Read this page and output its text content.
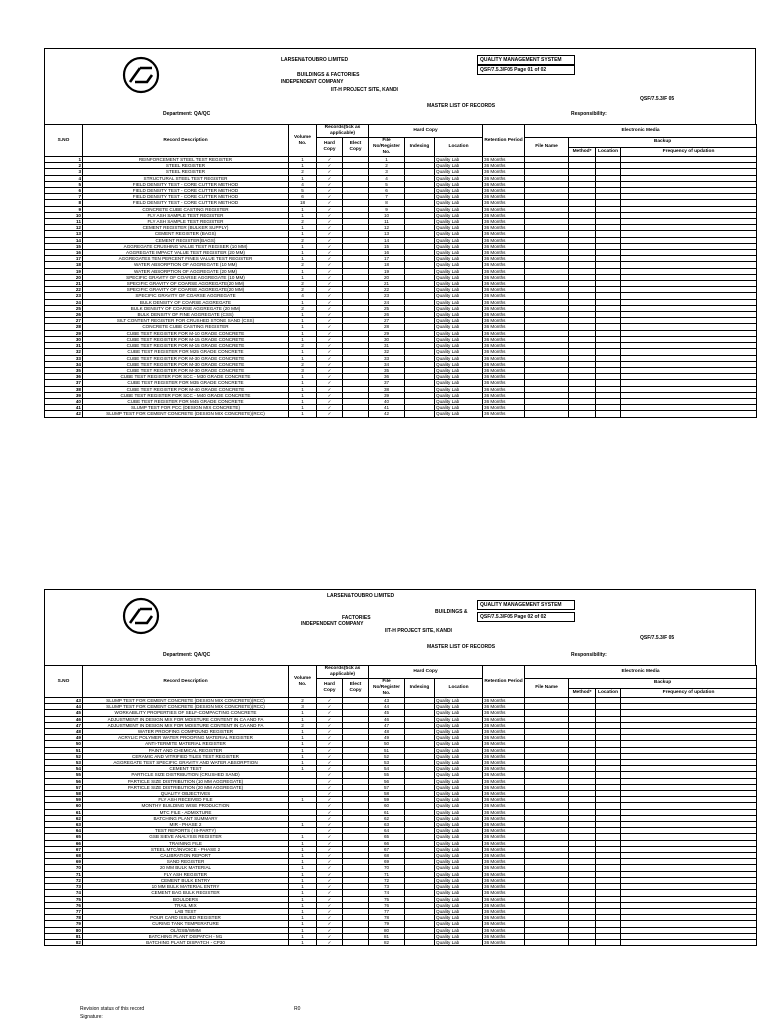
LARSEN&TOUBRO LIMITED
BUILDINGS & FACTORIES
INDEPENDENT COMPANY
IIT-H PROJECT SITE, KANDI
QUALITY MANAGEMENT SYSTEM
QSF/7.5.3/F05 Page 01 of 02
QSF/7.5.3/F 05
MASTER LIST OF RECORDS
Department: QA/QC	Responsibility:
S.NO	Record Description	Volume No.	Records(tick as applicable)		Hard Copy			Retention Period	Electronic Media			
			Hard Copy	Elect Copy	File No/Register No.	Indexing	Location		File Name	Backup		
										Method*	Location	Frequency of updation
1	REINFORCEMENT STEEL TEST REGISTER	1	✓		1		Quality Lab	36 Months				
2	STEEL REGISTER	1	✓		2		Quality Lab	36 Months				
3	STEEL REGISTER	2	✓		3		Quality Lab	36 Months				
4	STRUCTURAL STEEL TEST REGISTER	1	✓		4		Quality Lab	36 Months				
5	FIELD DENSITY TEST - CORE CUTTER METHOD	4	✓		5		Quality Lab	36 Months				
6	FIELD DENSITY TEST - CORE CUTTER METHOD	5	✓		6		Quality Lab	36 Months				
7	FIELD DENSITY TEST - CORE CUTTER METHOD	6	✓		7		Quality Lab	36 Months				
8	FIELD DENSITY TEST - CORE CUTTER METHOD	18	✓		8		Quality Lab	36 Months				
9	CONCRETE CUBE CASTING REGISTER	1	✓		9		Quality Lab	36 Months				
10	FLY ASH SAMPLE TEST REGISTER	1	✓		10		Quality Lab	36 Months				
11	FLY ASH SAMPLE TEST REGISTER	2	✓		11		Quality Lab	36 Months				
12	CEMENT REGISTER (BULKER SUPPLY)	1	✓		12		Quality Lab	36 Months				
13	CEMENT REGISTER (BAGS)	1	✓		13		Quality Lab	36 Months				
14	CEMENT REGISTER(BAGS)	2	✓		14		Quality Lab	36 Months				
15	AGGREGATE CRUSHING VALUE TEST REGISER (10 MM)	1	✓		15		Quality Lab	36 Months				
16	AGGREGATE IMPACT VALUE TEST REGISTER (20 MM)	1	✓		16		Quality Lab	36 Months				
17	AGGREGATES TEN PERCENT FINES VALUE TEST REGISTER	1	✓		17		Quality Lab	36 Months				
18	WATER ABSORPTION OF AGGREGATE (10 MM)	2	✓		18		Quality Lab	36 Months				
19	WATER ABSORPTION OF AGGREGATE (20 MM)	1	✓		19		Quality Lab	36 Months				
20	SPECIFIC GRAVITY OF COARSE AGGREGATE (10 MM)	1	✓		20		Quality Lab	36 Months				
21	SPECIFIC GRAVITY OF COARSE AGGREGATE(20 MM)	2	✓		21		Quality Lab	36 Months				
22	SPECIFIC GRAVITY OF COARSE AGGREGATE(20 MM)	2	✓		22		Quality Lab	36 Months				
23	SPECIFIC GRAVITY OF COARSE AGGREGATE	4	✓		23		Quality Lab	36 Months				
24	BULK DENSITY OF COARSE AGGREGATE	1	✓		24		Quality Lab	36 Months				
25	BULK DENSITY OF COARSE AGGREGATE (20 MM)	2	✓		25		Quality Lab	36 Months				
26	BULK DENSITY OF FINE AGGREGATE (CSS)	1	✓		26		Quality Lab	36 Months				
27	SILT CONTENT REGISTER FOR CRUSHED STONE SAND (CSS)	1	✓		27		Quality Lab	36 Months				
28	CONCRETE CUBE CASTING REGISTER	1	✓		28		Quality Lab	36 Months				
29	CUBE TEST REGISTER FOR M-10 GRADE CONCRETE	1	✓		29		Quality Lab	36 Months				
30	CUBE TEST REGISTER FOR M-15 GRADE CONCRETE	1	✓		30		Quality Lab	36 Months				
31	CUBE TEST REGISTER FOR M-15 GRADE CONCRETE	2	✓		31		Quality Lab	36 Months				
32	CUBE TEST REGISTER FOR M25 GRADE CONCRETE	1	✓		32		Quality Lab	36 Months				
33	CUBE TEST REGISTER FOR M-30 GRADE CONCRETE	1	✓		33		Quality Lab	36 Months				
34	CUBE TEST REGISTER FOR M-30 GRADE CONCRETE	2	✓		34		Quality Lab	36 Months				
35	CUBE TEST REGISTER FOR M-30 GRADE CONCRETE	3	✓		35		Quality Lab	36 Months				
36	CUBE TEST REGISTER FOR SCC - M30 GRADE CONCRETE	1	✓		36		Quality Lab	36 Months				
37	CUBE TEST REGISTER FOR M35 GRADE CONCRETE	1	✓		37		Quality Lab	36 Months				
38	CUBE TEST REGISTER FOR M-40 GRADE CONCRETE	1	✓		38		Quality Lab	36 Months				
39	CUBE TEST REGISTER FOR SCC - M40 GRADE CONCRETE	1	✓		39		Quality Lab	36 Months				
40	CUBE TEST REGISTER FOR M45 GRADE CONCRETE	1	✓		40		Quality Lab	36 Months				
41	SLUMP TEST FOR PCC (DESIGN MIX CONCRETE)	1	✓		41		Quality Lab	36 Months				
42	SLUMP TEST FOR CEMENT CONCRETE (DESIGN MIX CONCRETE)(RCC)	1	✓		42		Quality Lab	36 Months				
LARSEN&TOUBRO LIMITED
BUILDINGS &
FACTORIES
INDEPENDENT COMPANY
IIT-H PROJECT SITE, KANDI
QUALITY MANAGEMENT SYSTEM
QSF/7.5.3/F05 Page 02 of 02
QSF/7.5.3/F 05
MASTER LIST OF RECORDS
Department: QA/QC	Responsibility:
S.NO	Record Description	Volume No.	Records(tick as applicable)		Hard Copy			Retention Period	Electronic Media			
			Hard Copy	Elect Copy	File No/Register No.	Indexing	Location		File Name	Backup		
										Method*	Location	Frequency of updation
43	SLUMP TEST FOR CEMENT CONCRETE (DESIGN MIX CONCRETE)(RCC)	2	✓		43		Quality Lab	36 Months				
44	SLUMP TEST FOR CEMENT CONCRETE (DESIGN MIX CONCRETE)(RCC)	3	✓		44		Quality Lab	36 Months				
45	WORKABILITY PROPERTIES OF SELF-COMPACTING CONCRETE	1	✓		45		Quality Lab	36 Months				
46	ADJUSTMENT IN DESIGN MIX FOR MOISTURE CONTENT IN CA AND FA	1	✓		46		Quality Lab	36 Months				
47	ADJUSTMENT IN DESIGN MIX FOR MOISTURE CONTENT IN CA AND FA	2	✓		47		Quality Lab	36 Months				
48	WATER PROOFING COMPOUND REGISTER	1	✓		48		Quality Lab	36 Months				
49	ACRYLIC POLYMER WATER PROOFING MATERIAL REGISTER	1	✓		49		Quality Lab	36 Months				
50	ANTI-TERMITE MATERIAL REGISTER	1	✓		50		Quality Lab	36 Months				
51	PAINT AND CHEMICAL REGISTER	1	✓		51		Quality Lab	36 Months				
52	CERAMIC AND VITRIFIED TILES TEST REGISTER	1	✓		52		Quality Lab	36 Months				
53	AGGREGATE TEST SPECIFIC GRAVITY AND WATER ABSORPTION	1	✓		53		Quality Lab	36 Months				
54	CEMENT TEST	1	✓		54		Quality Lab	36 Months				
55	PARTICLE SIZE DISTRIBUTION (CRUSHED SAND)		✓		55		Quality Lab	36 Months				
56	PARTICLE SIZE DISTRIBUTION (10 MM AGGREGATE)		✓		56		Quality Lab	36 Months				
57	PARTICLE SIZE DISTRIBUTION (20 MM AGGREGATE)		✓		57		Quality Lab	36 Months				
58	QUALITY OBJECTIVES		✓		58		Quality Lab	36 Months				
59	FLY ASH RECEIVED FILE	1	✓		59		Quality Lab	36 Months				
60	MONTHY BUILDING WISE PRODUCTION		✓		60		Quality Lab	36 Months				
61	MTC FILE - ADMIXTURE		✓		61		Quality Lab	36 Months				
62	BATCHING PLANT SUMMARY		✓		62		Quality Lab	36 Months				
63	MIR - PHASE 2	1	✓		63		Quality Lab	36 Months				
64	TEST REPORTS ( III-PARTY)		✓		64		Quality Lab	36 Months				
65	GSB SIEVE ANALYSIS REGISTER	1	✓		65		Quality Lab	36 Months				
66	TRAINING FILE	1	✓		66		Quality Lab	36 Months				
67	STEEL MTC/INVOICE - PHASE 2	1	✓		67		Quality Lab	36 Months				
68	CALIBRATION REPORT	1	✓		68		Quality Lab	36 Months				
69	SAND REGISTER	1	✓		69		Quality Lab	36 Months				
70	20 MM BULK MATERIAL	1	✓		70		Quality Lab	36 Months				
71	FLY ASH REGISTER	1	✓		71		Quality Lab	36 Months				
72	CEMENT BULK ENTRY	1	✓		72		Quality Lab	36 Months				
73	10 MM BULK MATERIAL ENTRY	1	✓		73		Quality Lab	36 Months				
74	CEMENT BAG BULK REGISTER	1	✓		74		Quality Lab	36 Months				
75	BOULDERS	1	✓		75		Quality Lab	36 Months				
76	TRAIL MIX	1	✓		76		Quality Lab	36 Months				
77	LAB TEST	1	✓		77		Quality Lab	36 Months				
78	POUR CARD ISSUED REGISTER	1	✓		78		Quality Lab	36 Months				
79	CURING TANK TEMPERATURE	1	✓		79		Quality Lab	36 Months				
80	OL/GSB/WMM	1	✓		80		Quality Lab	36 Months				
81	BATCHING PLANT DISPATCH - M1	1	✓		81		Quality Lab	36 Months				
82	BATCHING PLANT DISPATCH - CP30	1	✓		82		Quality Lab	36 Months				
Revision status of this record	R0
Signature:
